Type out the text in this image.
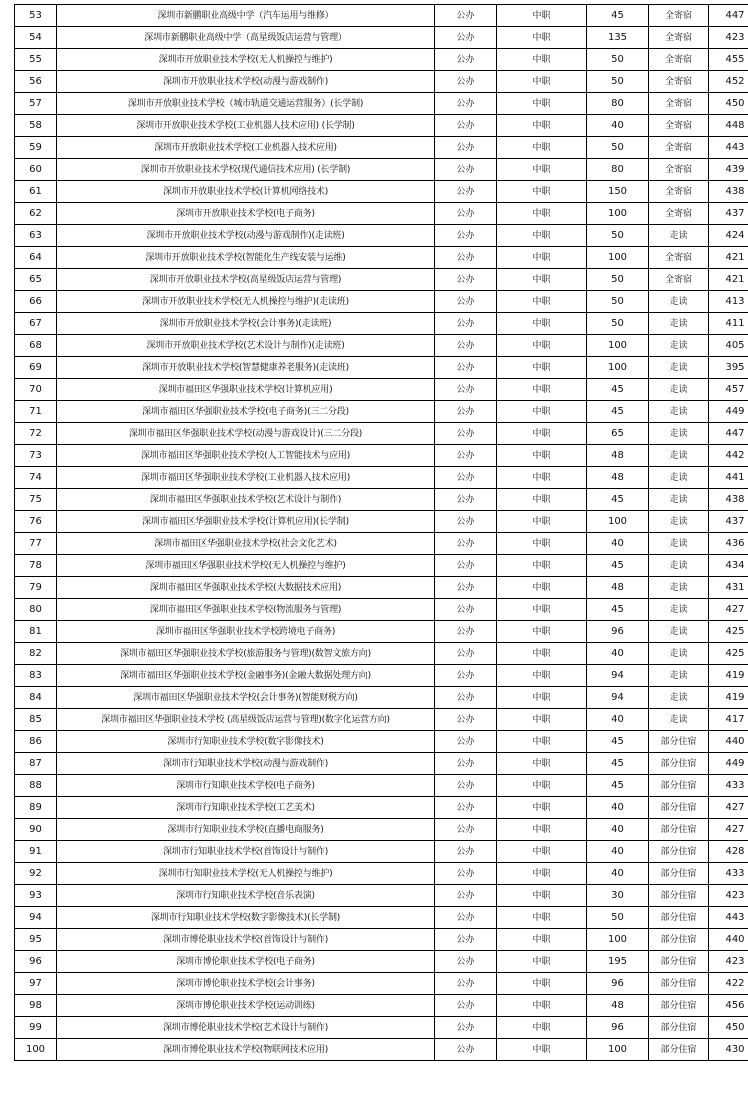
53	深圳市新鹏职业高级中学（汽车运用与维修）	公办	中职	45	全寄宿	447
54	深圳市新鹏职业高级中学（高星级饭店运营与管理）	公办	中职	135	全寄宿	423
55	深圳市开放职业技术学校(无人机操控与维护)	公办	中职	50	全寄宿	455
56	深圳市开放职业技术学校(动漫与游戏制作)	公办	中职	50	全寄宿	452
57	深圳市开放职业技术学校（城市轨道交通运营服务）(长学制)	公办	中职	80	全寄宿	450
58	深圳市开放职业技术学校(工业机器人技术应用) (长学制)	公办	中职	40	全寄宿	448
59	深圳市开放职业技术学校(工业机器人技术应用)	公办	中职	50	全寄宿	443
60	深圳市开放职业技术学校(现代通信技术应用) (长学制)	公办	中职	80	全寄宿	439
61	深圳市开放职业技术学校(计算机网络技术)	公办	中职	150	全寄宿	438
62	深圳市开放职业技术学校(电子商务)	公办	中职	100	全寄宿	437
63	深圳市开放职业技术学校(动漫与游戏制作)(走读班)	公办	中职	50	走读	424
64	深圳市开放职业技术学校(智能化生产线安装与运维)	公办	中职	100	全寄宿	421
65	深圳市开放职业技术学校(高星级饭店运营与管理)	公办	中职	50	全寄宿	421
66	深圳市开放职业技术学校(无人机操控与维护)(走读班)	公办	中职	50	走读	413
67	深圳市开放职业技术学校(会计事务)(走读班)	公办	中职	50	走读	411
68	深圳市开放职业技术学校(艺术设计与制作)(走读班)	公办	中职	100	走读	405
69	深圳市开放职业技术学校(智慧健康养老服务)(走读班)	公办	中职	100	走读	395
70	深圳市福田区华强职业技术学校(计算机应用)	公办	中职	45	走读	457
71	深圳市福田区华强职业技术学校(电子商务)(三二分段)	公办	中职	45	走读	449
72	深圳市福田区华强职业技术学校(动漫与游戏设计)(三二分段)	公办	中职	65	走读	447
73	深圳市福田区华强职业技术学校(人工智能技术与应用)	公办	中职	48	走读	442
74	深圳市福田区华强职业技术学校(工业机器人技术应用)	公办	中职	48	走读	441
75	深圳市福田区华强职业技术学校(艺术设计与制作)	公办	中职	45	走读	438
76	深圳市福田区华强职业技术学校(计算机应用)(长学制)	公办	中职	100	走读	437
77	深圳市福田区华强职业技术学校(社会文化艺术)	公办	中职	40	走读	436
78	深圳市福田区华强职业技术学校(无人机操控与维护)	公办	中职	45	走读	434
79	深圳市福田区华强职业技术学校(大数据技术应用)	公办	中职	48	走读	431
80	深圳市福田区华强职业技术学校(物流服务与管理)	公办	中职	45	走读	427
81	深圳市福田区华强职业技术学校跨境电子商务)	公办	中职	96	走读	425
82	深圳市福田区华强职业技术学校(旅游服务与管理)(数智文旅方向)	公办	中职	40	走读	425
83	深圳市福田区华强职业技术学校(金融事务)(金融大数据处理方向)	公办	中职	94	走读	419
84	深圳市福田区华强职业技术学校(会计事务)(智能财税方向)	公办	中职	94	走读	419
85	深圳市福田区华强职业技术学校 (高星级饭店运营与管理)(数字化运营方向)	公办	中职	40	走读	417
86	深圳市行知职业技术学校(数字影像技术)	公办	中职	45	部分住宿	440
87	深圳市行知职业技术学校(动漫与游戏制作)	公办	中职	45	部分住宿	449
88	深圳市行知职业技术学校(电子商务)	公办	中职	45	部分住宿	433
89	深圳市行知职业技术学校(工艺美术)	公办	中职	40	部分住宿	427
90	深圳市行知职业技术学校(直播电商服务)	公办	中职	40	部分住宿	427
91	深圳市行知职业技术学校(首饰设计与制作)	公办	中职	40	部分住宿	428
92	深圳市行知职业技术学校(无人机操控与维护)	公办	中职	40	部分住宿	433
93	深圳市行知职业技术学校(音乐表演)	公办	中职	30	部分住宿	423
94	深圳市行知职业技术学校(数字影像技术)(长学制)	公办	中职	50	部分住宿	443
95	深圳市博伦职业技术学校(首饰设计与制作)	公办	中职	100	部分住宿	440
96	深圳市博伦职业技术学校(电子商务)	公办	中职	195	部分住宿	423
97	深圳市博伦职业技术学校(会计事务)	公办	中职	96	部分住宿	422
98	深圳市博伦职业技术学校(运动训练)	公办	中职	48	部分住宿	456
99	深圳市博伦职业技术学校(艺术设计与制作)	公办	中职	96	部分住宿	450
100	深圳市博伦职业技术学校(物联网技术应用)	公办	中职	100	部分住宿	430
